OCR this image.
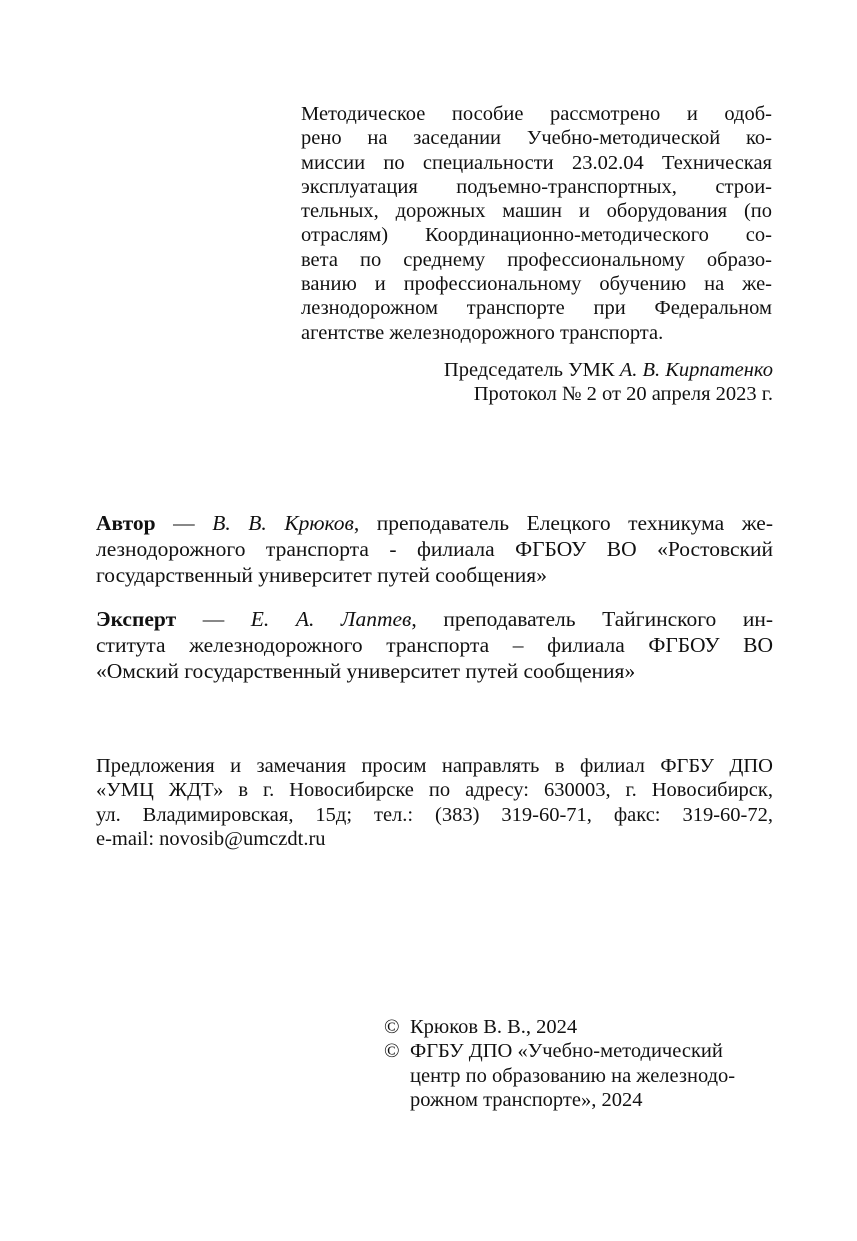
Методическое пособие рассмотрено и одоб-
рено на заседании Учебно-методической ко-
миссии по специальности 23.02.04 Техническая
эксплуатация подъемно-транспортных, строи-
тельных, дорожных машин и оборудования (по
отраслям) Координационно-методического со-
вета по среднему профессиональному образо-
ванию и профессиональному обучению на же-
лезнодорожном транспорте при Федеральном
агентстве железнодорожного транспорта.
Председатель УМК А. В. Кирпатенко
Протокол № 2 от 20 апреля 2023 г.
Автор — В. В. Крюков, преподаватель Елецкого техникума же-
лезнодорожного транспорта - филиала ФГБОУ ВО «Ростовский
государственный университет путей сообщения»
Эксперт — Е. А. Лаптев, преподаватель Тайгинского ин-
ститута железнодорожного транспорта – филиала ФГБОУ ВО
«Омский государственный университет путей сообщения»
Предложения и замечания просим направлять в филиал ФГБУ ДПО
«УМЦ ЖДТ» в г. Новосибирске по адресу: 630003, г. Новосибирск,
ул. Владимировская, 15д; тел.: (383) 319-60-71, факс: 319-60-72,
e-mail: novosib@umczdt.ru
© Крюков В. В., 2024
© ФГБУ ДПО «Учебно-методический
центр по образованию на железнодо-
рожном транспорте», 2024
